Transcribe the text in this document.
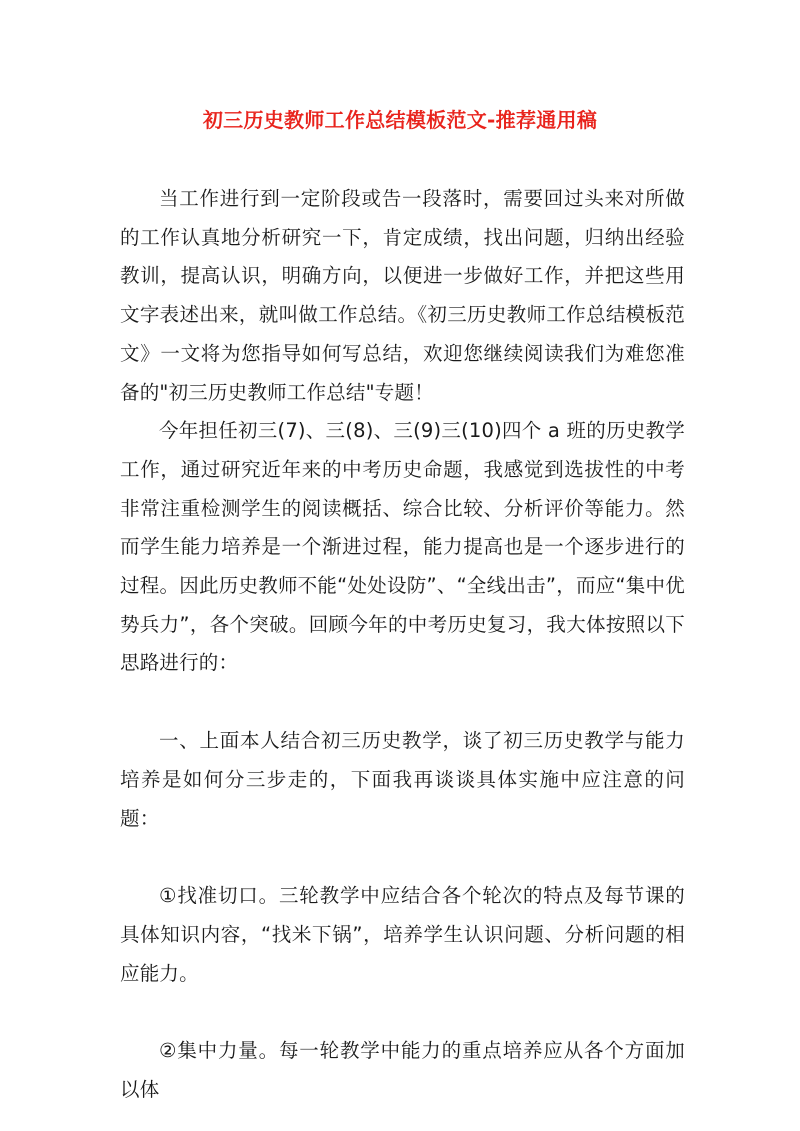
初三历史教师工作总结模板范文-推荐通用稿

当工作进行到一定阶段或告一段落时，需要回过头来对所做的工作认真地分析研究一下，肯定成绩，找出问题，归纳出经验教训，提高认识，明确方向，以便进一步做好工作，并把这些用文字表述出来，就叫做工作总结。《初三历史教师工作总结模板范文》一文将为您指导如何写总结，欢迎您继续阅读我们为难您准备的"初三历史教师工作总结"专题！

今年担任初三(7)、三(8)、三(9)三(10)四个 a 班的历史教学工作，通过研究近年来的中考历史命题，我感觉到选拔性的中考非常注重检测学生的阅读概括、综合比较、分析评价等能力。然而学生能力培养是一个渐进过程，能力提高也是一个逐步进行的过程。因此历史教师不能“处处设防”、“全线出击”，而应“集中优势兵力”，各个突破。回顾今年的中考历史复习，我大体按照以下思路进行的：

一、上面本人结合初三历史教学，谈了初三历史教学与能力培养是如何分三步走的，下面我再谈谈具体实施中应注意的问题：

①找准切口。三轮教学中应结合各个轮次的特点及每节课的具体知识内容，“找米下锅”，培养学生认识问题、分析问题的相应能力。

②集中力量。每一轮教学中能力的重点培养应从各个方面加以体
